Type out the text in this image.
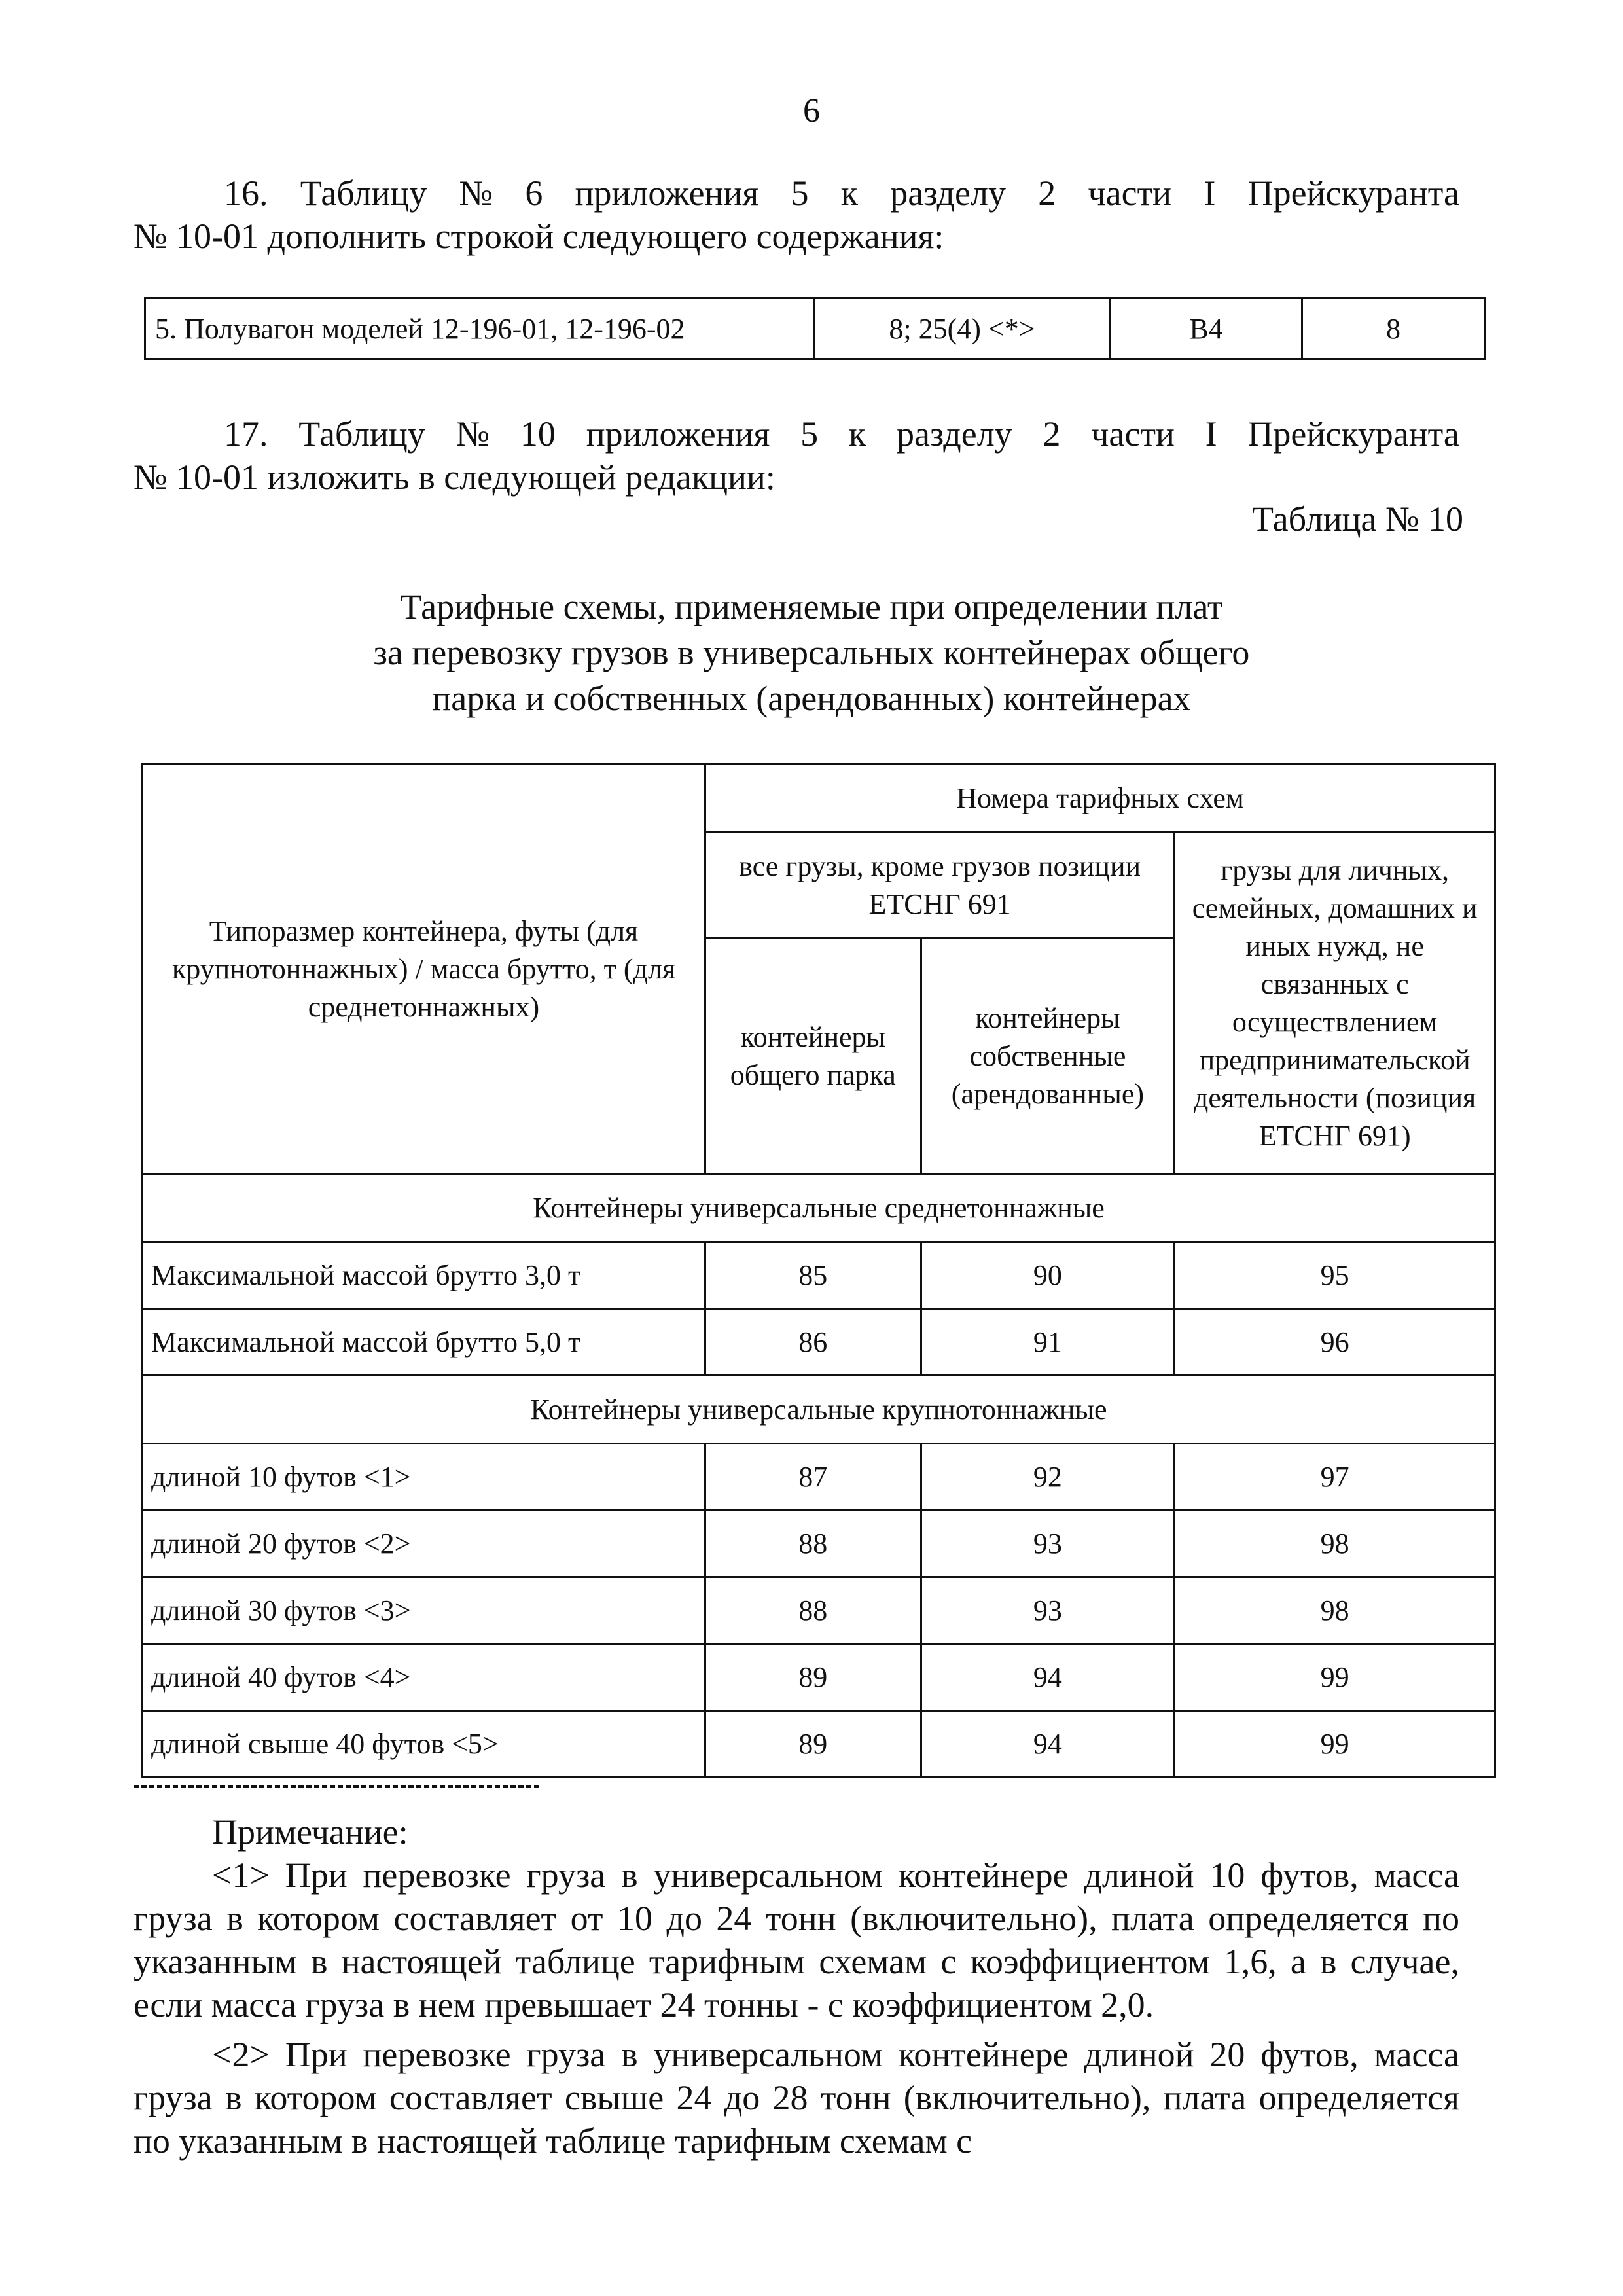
6
16. Таблицу № 6 приложения 5 к разделу 2 части I Прейскуранта
№ 10-01 дополнить строкой следующего содержания:
5. Полувагон моделей 12-196-01, 12-196-02	8; 25(4) <*>	В4	8
17. Таблицу № 10 приложения 5 к разделу 2 части I Прейскуранта
№ 10-01 изложить в следующей редакции:
Таблица № 10
Тарифные схемы, применяемые при определении плат
за перевозку грузов в универсальных контейнерах общего
парка и собственных (арендованных) контейнерах
Типоразмер контейнера, футы (для крупнотоннажных) / масса брутто, т (для среднетоннажных)	Номера тарифных схем		
	все грузы, кроме грузов позиции ЕТСНГ 691		грузы для личных, семейных, домашних и иных нужд, не связанных с осуществлением предпринимательской деятельности (позиция ЕТСНГ 691)
	контейнеры общего парка	контейнеры собственные (арендованные)	
Контейнеры универсальные среднетоннажные			
Максимальной массой брутто 3,0 т	85	90	95
Максимальной массой брутто 5,0 т	86	91	96
Контейнеры универсальные крупнотоннажные			
длиной 10 футов <1>	87	92	97
длиной 20 футов <2>	88	93	98
длиной 30 футов <3>	88	93	98
длиной 40 футов <4>	89	94	99
длиной свыше 40 футов <5>	89	94	99

Примечание:

<1> При перевозке груза в универсальном контейнере длиной 10 футов, масса груза в котором составляет от 10 до 24 тонн (включительно), плата определяется по указанным в настоящей таблице тарифным схемам с коэффициентом 1,6, а в случае, если масса груза в нем превышает 24 тонны - с коэффициентом 2,0.

<2> При перевозке груза в универсальном контейнере длиной 20 футов, масса груза в котором составляет свыше 24 до 28 тонн (включительно), плата определяется по указанным в настоящей таблице тарифным схемам с
